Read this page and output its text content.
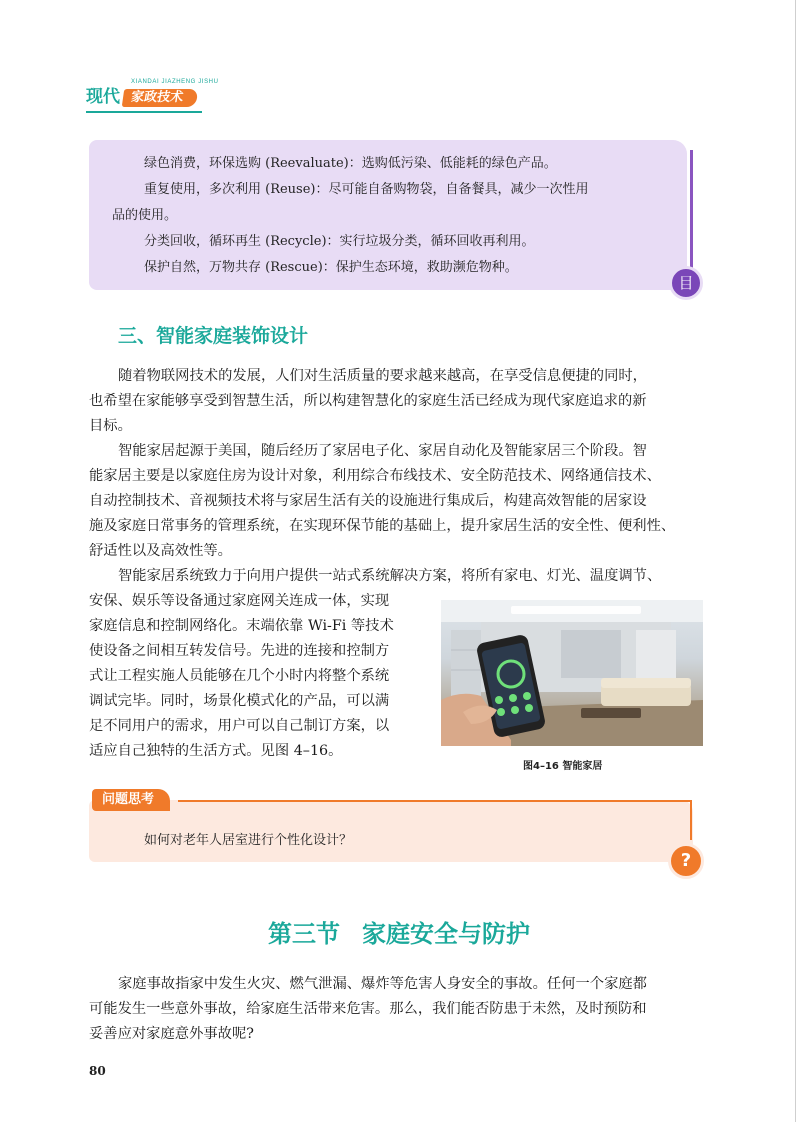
现代
XIANDAI JIAZHENG JISHU
家政技术
绿色消费，环保选购 (Reevaluate)：选购低污染、低能耗的绿色产品。
重复使用，多次利用 (Reuse)：尽可能自备购物袋，自备餐具，减少一次性用
品的使用。
分类回收，循环再生 (Recycle)：实行垃圾分类，循环回收再利用。
保护自然，万物共存 (Rescue)：保护生态环境，救助濒危物种。
目
三、智能家庭装饰设计
随着物联网技术的发展，人们对生活质量的要求越来越高，在享受信息便捷的同时，
也希望在家能够享受到智慧生活，所以构建智慧化的家庭生活已经成为现代家庭追求的新
目标。
智能家居起源于美国，随后经历了家居电子化、家居自动化及智能家居三个阶段。智
能家居主要是以家庭住房为设计对象，利用综合布线技术、安全防范技术、网络通信技术、
自动控制技术、音视频技术将与家居生活有关的设施进行集成后，构建高效智能的居家设
施及家庭日常事务的管理系统，在实现环保节能的基础上，提升家居生活的安全性、便利性、
舒适性以及高效性等。
智能家居系统致力于向用户提供一站式系统解决方案，将所有家电、灯光、温度调节、
安保、娱乐等设备通过家庭网关连成一体，实现
家庭信息和控制网络化。末端依靠 Wi-Fi 等技术
使设备之间相互转发信号。先进的连接和控制方
式让工程实施人员能够在几个小时内将整个系统
调试完毕。同时，场景化模式化的产品，可以满
足不同用户的需求，用户可以自己制订方案，以
适应自己独特的生活方式。见图 4–16。
图4–16 智能家居
问题思考
如何对老年人居室进行个性化设计？
?
第三节 家庭安全与防护
家庭事故指家中发生火灾、燃气泄漏、爆炸等危害人身安全的事故。任何一个家庭都
可能发生一些意外事故，给家庭生活带来危害。那么，我们能否防患于未然，及时预防和
妥善应对家庭意外事故呢?
80
